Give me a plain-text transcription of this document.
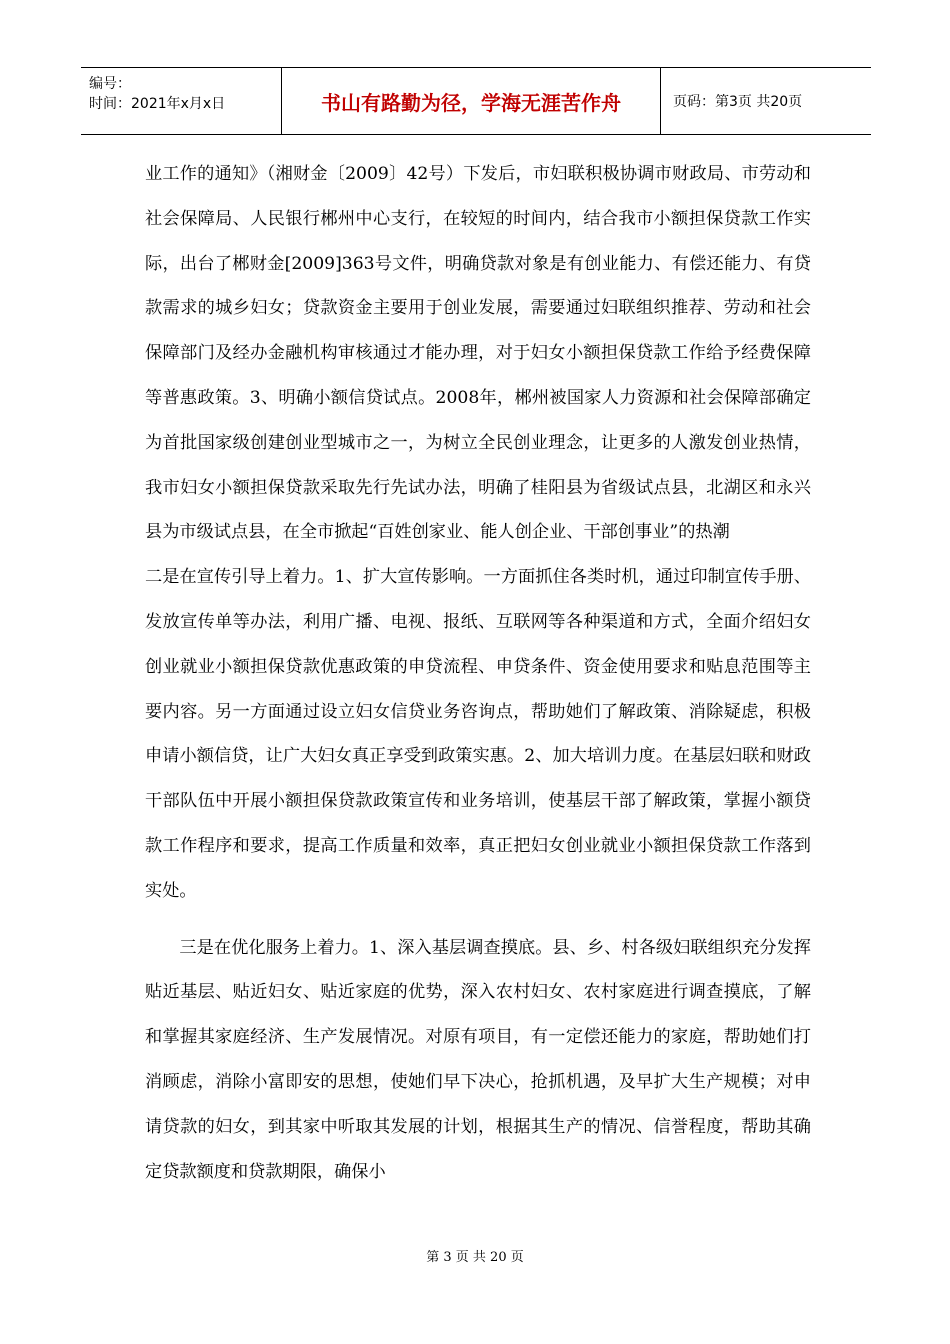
编号：
时间：2021年x月x日	书山有路勤为径，学海无涯苦作舟	页码：第3页 共20页

业工作的通知》（湘财金〔2009〕42号）下发后，市妇联积极协调市财政局、市劳动和社会保障局、人民银行郴州中心支行，在较短的时间内，结合我市小额担保贷款工作实际，出台了郴财金[2009]363号文件，明确贷款对象是有创业能力、有偿还能力、有贷款需求的城乡妇女；贷款资金主要用于创业发展，需要通过妇联组织推荐、劳动和社会保障部门及经办金融机构审核通过才能办理，对于妇女小额担保贷款工作给予经费保障等普惠政策。3、明确小额信贷试点。2008年，郴州被国家人力资源和社会保障部确定为首批国家级创建创业型城市之一，为树立全民创业理念，让更多的人激发创业热情，我市妇女小额担保贷款采取先行先试办法，明确了桂阳县为省级试点县，北湖区和永兴县为市级试点县，在全市掀起“百姓创家业、能人创企业、干部创事业”的热潮

二是在宣传引导上着力。1、扩大宣传影响。一方面抓住各类时机，通过印制宣传手册、发放宣传单等办法，利用广播、电视、报纸、互联网等各种渠道和方式，全面介绍妇女创业就业小额担保贷款优惠政策的申贷流程、申贷条件、资金使用要求和贴息范围等主要内容。另一方面通过设立妇女信贷业务咨询点，帮助她们了解政策、消除疑虑，积极申请小额信贷，让广大妇女真正享受到政策实惠。2、加大培训力度。在基层妇联和财政干部队伍中开展小额担保贷款政策宣传和业务培训，使基层干部了解政策，掌握小额贷款工作程序和要求，提高工作质量和效率，真正把妇女创业就业小额担保贷款工作落到实处。

三是在优化服务上着力。1、深入基层调查摸底。县、乡、村各级妇联组织充分发挥贴近基层、贴近妇女、贴近家庭的优势，深入农村妇女、农村家庭进行调查摸底，了解和掌握其家庭经济、生产发展情况。对原有项目，有一定偿还能力的家庭，帮助她们打消顾虑，消除小富即安的思想，使她们早下决心，抢抓机遇，及早扩大生产规模；对申请贷款的妇女，到其家中听取其发展的计划，根据其生产的情况、信誉程度，帮助其确定贷款额度和贷款期限，确保小

第 3 页 共 20 页
